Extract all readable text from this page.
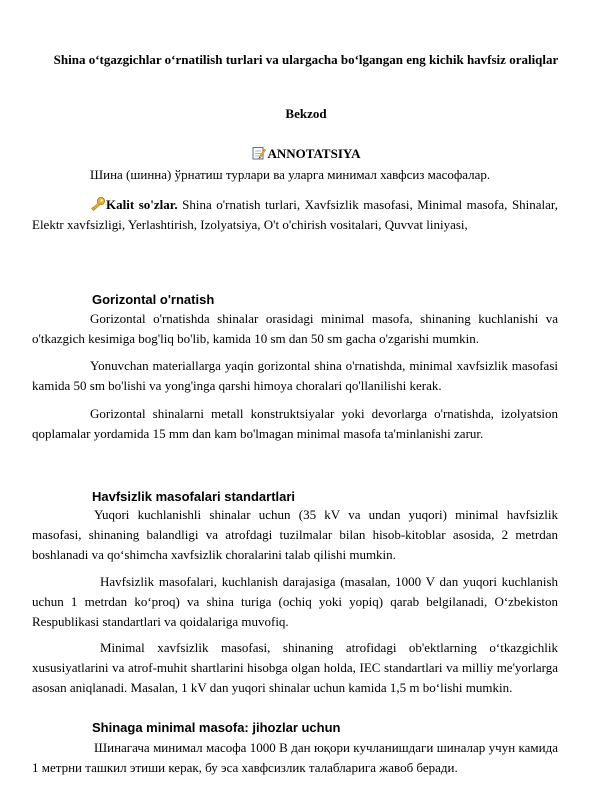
Shina o‘tgazgichlar o‘rnatilish turlari va ulargacha bo‘lgangan eng kichik havfsiz oraliqlar
Bekzod
ANNOTATSIYA
Шина (шинна) ўрнатиш турлари ва уларга минимал хавфсиз масофалар.
Kalit so'zlar. Shina o'rnatish turlari, Xavfsizlik masofasi, Minimal masofa, Shinalar, Elektr xavfsizligi, Yerlashtirish, Izolyatsiya, O't o'chirish vositalari, Quvvat liniyasi,
Gorizontal o'rnatish
Gorizontal o'rnatishda shinalar orasidagi minimal masofa, shinaning kuchlanishi va o'tkazgich kesimiga bog'liq bo'lib, kamida 10 sm dan 50 sm gacha o'zgarishi mumkin.
Yonuvchan materiallarga yaqin gorizontal shina o'rnatishda, minimal xavfsizlik masofasi kamida 50 sm bo'lishi va yong'inga qarshi himoya choralari qo'llanilishi kerak.
Gorizontal shinalarni metall konstruktsiyalar yoki devorlarga o'rnatishda, izolyatsion qoplamalar yordamida 15 mm dan kam bo'lmagan minimal masofa ta'minlanishi zarur.
Havfsizlik masofalari standartlari
Yuqori kuchlanishli shinalar uchun (35 kV va undan yuqori) minimal havfsizlik masofasi, shinaning balandligi va atrofdagi tuzilmalar bilan hisob-kitoblar asosida, 2 metrdan boshlanadi va qo‘shimcha xavfsizlik choralarini talab qilishi mumkin.
Havfsizlik masofalari, kuchlanish darajasiga (masalan, 1000 V dan yuqori kuchlanish uchun 1 metrdan ko‘proq) va shina turiga (ochiq yoki yopiq) qarab belgilanadi, O‘zbekiston Respublikasi standartlari va qoidalariga muvofiq.
Minimal xavfsizlik masofasi, shinaning atrofidagi ob'ektlarning o‘tkazgichlik xususiyatlarini va atrof-muhit shartlarini hisobga olgan holda, IEC standartlari va milliy me'yorlarga asosan aniqlanadi. Masalan, 1 kV dan yuqori shinalar uchun kamida 1,5 m bo‘lishi mumkin.
Shinaga minimal masofa: jihozlar uchun
Шинагача минимал масофа 1000 В дан юқори кучланишдаги шиналар учун камида 1 метрни ташкил этиши керак, бу эса хавфсизлик талабларига жавоб беради.
